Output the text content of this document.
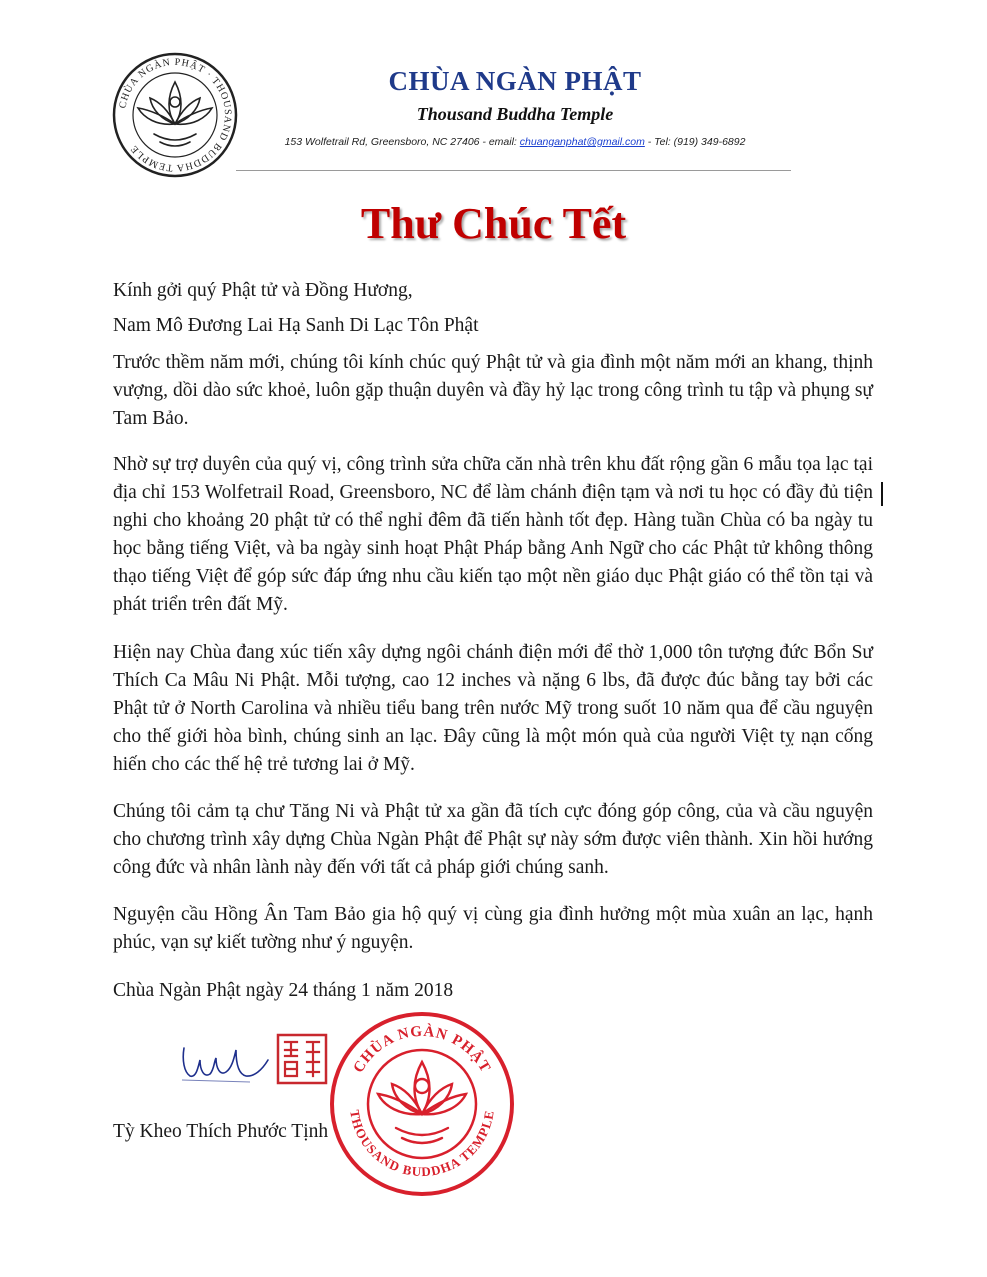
CHÙA NGÀN PHẬT · THOUSAND BUDDHA TEMPLE
CHÙA NGÀN PHẬT
Thousand Buddha Temple
153 Wolfetrail Rd, Greensboro, NC 27406 - email: chuanganphat@gmail.com - Tel: (919) 349-6892
Thư Chúc Tết

Kính gởi quý Phật tử và Đồng Hương,

Nam Mô Đương Lai Hạ Sanh Di Lạc Tôn Phật

Trước thềm năm mới, chúng tôi kính chúc quý Phật tử và gia đình một năm mới an khang, thịnh vượng, dồi dào sức khoẻ, luôn gặp thuận duyên và đầy hỷ lạc trong công trình tu tập và phụng sự Tam Bảo.

Nhờ sự trợ duyên của quý vị, công trình sửa chữa căn nhà trên khu đất rộng gần 6 mẫu tọa lạc tại địa chỉ 153 Wolfetrail Road, Greensboro, NC để làm chánh điện tạm và nơi tu học có đầy đủ tiện nghi cho khoảng 20 phật tử có thể nghỉ đêm đã tiến hành tốt đẹp. Hàng tuần Chùa có ba ngày tu học bằng tiếng Việt, và ba ngày sinh hoạt Phật Pháp bằng Anh Ngữ cho các Phật tử không thông thạo tiếng Việt để góp sức đáp ứng nhu cầu kiến tạo một nền giáo dục Phật giáo có thể tồn tại và phát triển trên đất Mỹ.

Hiện nay Chùa đang xúc tiến xây dựng ngôi chánh điện mới để thờ 1,000 tôn tượng đức Bổn Sư Thích Ca Mâu Ni Phật. Mỗi tượng, cao 12 inches và nặng 6 lbs, đã được đúc bằng tay bởi các Phật tử ở North Carolina và nhiều tiểu bang trên nước Mỹ trong suốt 10 năm qua để cầu nguyện cho thế giới hòa bình, chúng sinh an lạc. Đây cũng là một món quà của người Việt tỵ nạn cống hiến cho các thế hệ trẻ tương lai ở Mỹ.

Chúng tôi cảm tạ chư Tăng Ni và Phật tử xa gần đã tích cực đóng góp công, của và cầu nguyện cho chương trình xây dựng Chùa Ngàn Phật để Phật sự này sớm được viên thành. Xin hồi hướng công đức và nhân lành này đến với tất cả pháp giới chúng sanh.

Nguyện cầu Hồng Ân Tam Bảo gia hộ quý vị cùng gia đình hưởng một mùa xuân an lạc, hạnh phúc, vạn sự kiết tường như ý nguyện.

Chùa Ngàn Phật ngày 24 tháng 1 năm 2018

CHÙA NGÀN PHẬT
THOUSAND BUDDHA TEMPLE
Tỳ Kheo Thích Phước Tịnh
